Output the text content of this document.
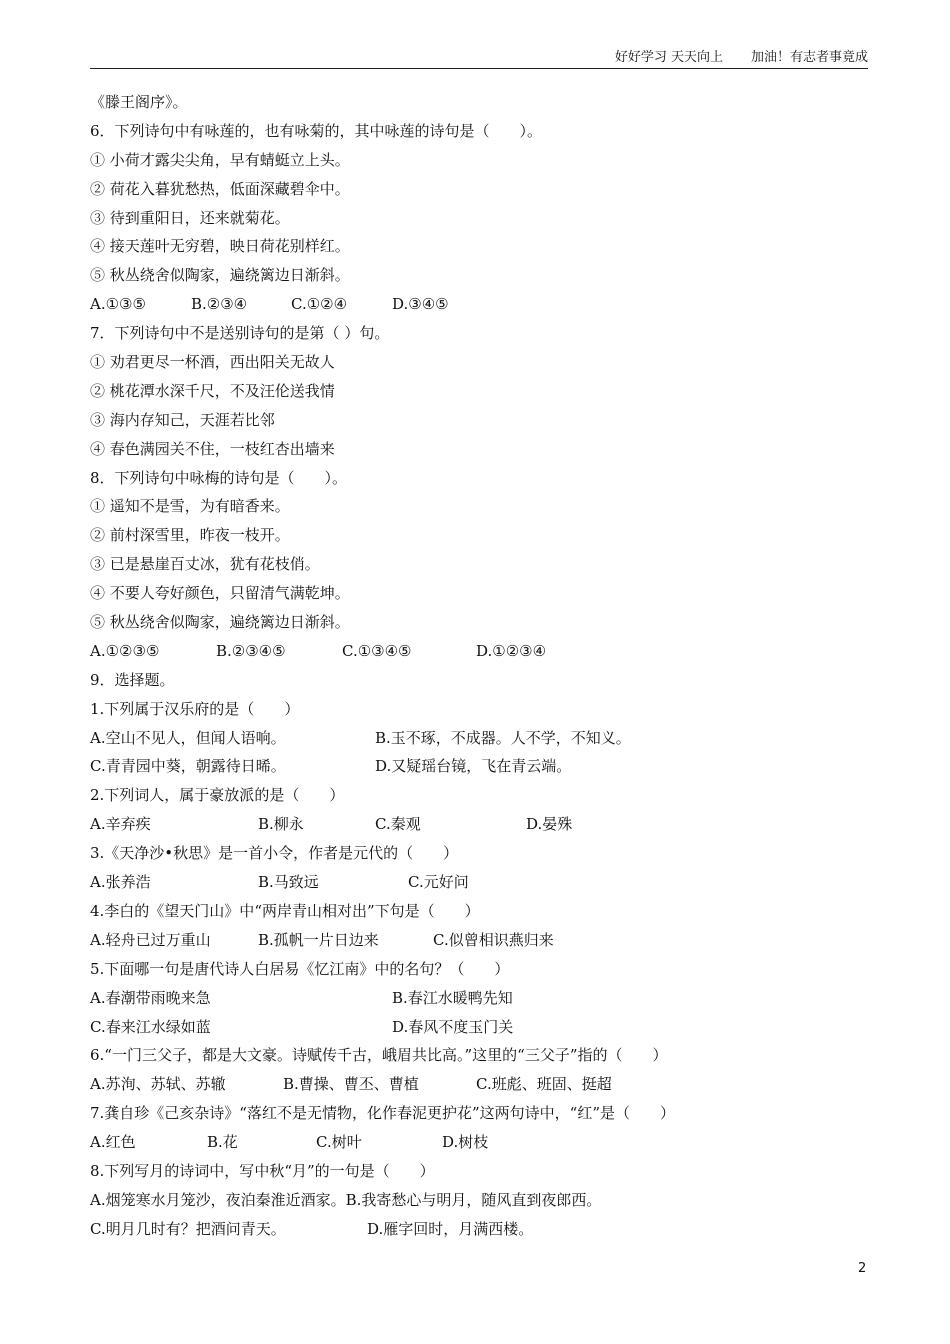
好好学习 天天向上 加油！有志者事竟成
《滕王阁序》。
6．下列诗句中有咏莲的，也有咏菊的，其中咏莲的诗句是（　　）。
① 小荷才露尖尖角，早有蜻蜓立上头。
② 荷花入暮犹愁热，低面深藏碧伞中。
③ 待到重阳日，还来就菊花。
④ 接天莲叶无穷碧，映日荷花别样红。
⑤ 秋丛绕舍似陶家，遍绕篱边日渐斜。
A.①③⑤	B.②③④	C.①②④	D.③④⑤
7．下列诗句中不是送别诗句的是第（ ）句。
① 劝君更尽一杯酒，西出阳关无故人
② 桃花潭水深千尺，不及汪伦送我情
③ 海内存知己，天涯若比邻
④ 春色满园关不住，一枝红杏出墙来
8．下列诗句中咏梅的诗句是（　　）。
① 遥知不是雪，为有暗香来。
② 前村深雪里，昨夜一枝开。
③ 已是悬崖百丈冰，犹有花枝俏。
④ 不要人夸好颜色，只留清气满乾坤。
⑤ 秋丛绕舍似陶家，遍绕篱边日渐斜。
A.①②③⑤	B.②③④⑤	C.①③④⑤	D.①②③④
9．选择题。
1.下列属于汉乐府的是（　　）
A.空山不见人，但闻人语响。	B.玉不琢，不成器。人不学，不知义。
C.青青园中葵，朝露待日晞。	D.又疑瑶台镜，飞在青云端。
2.下列词人，属于豪放派的是（　　）
A.辛弃疾	B.柳永	C.秦观	D.晏殊
3.《天净沙•秋思》是一首小令，作者是元代的（　　）
A.张养浩	B.马致远	C.元好问
4.李白的《望天门山》中“两岸青山相对出”下句是（　　）
A.轻舟已过万重山	B.孤帆一片日边来	C.似曾相识燕归来
5.下面哪一句是唐代诗人白居易《忆江南》中的名句？（　　）
A.春潮带雨晚来急	B.春江水暖鸭先知
C.春来江水绿如蓝	D.春风不度玉门关
6.“一门三父子，都是大文豪。诗赋传千古，峨眉共比高。”这里的“三父子”指的（　　）
A.苏洵、苏轼、苏辙	B.曹操、曹丕、曹植	C.班彪、班固、挺超
7.龚自珍《己亥杂诗》“落红不是无情物，化作春泥更护花”这两句诗中，“红”是（　　）
A.红色	B.花	C.树叶	D.树枝
8.下列写月的诗词中，写中秋“月”的一句是（　　）
A.烟笼寒水月笼沙，夜泊秦淮近酒家。B.我寄愁心与明月，随风直到夜郎西。
C.明月几时有？把酒问青天。	D.雁字回时，月满西楼。
2
